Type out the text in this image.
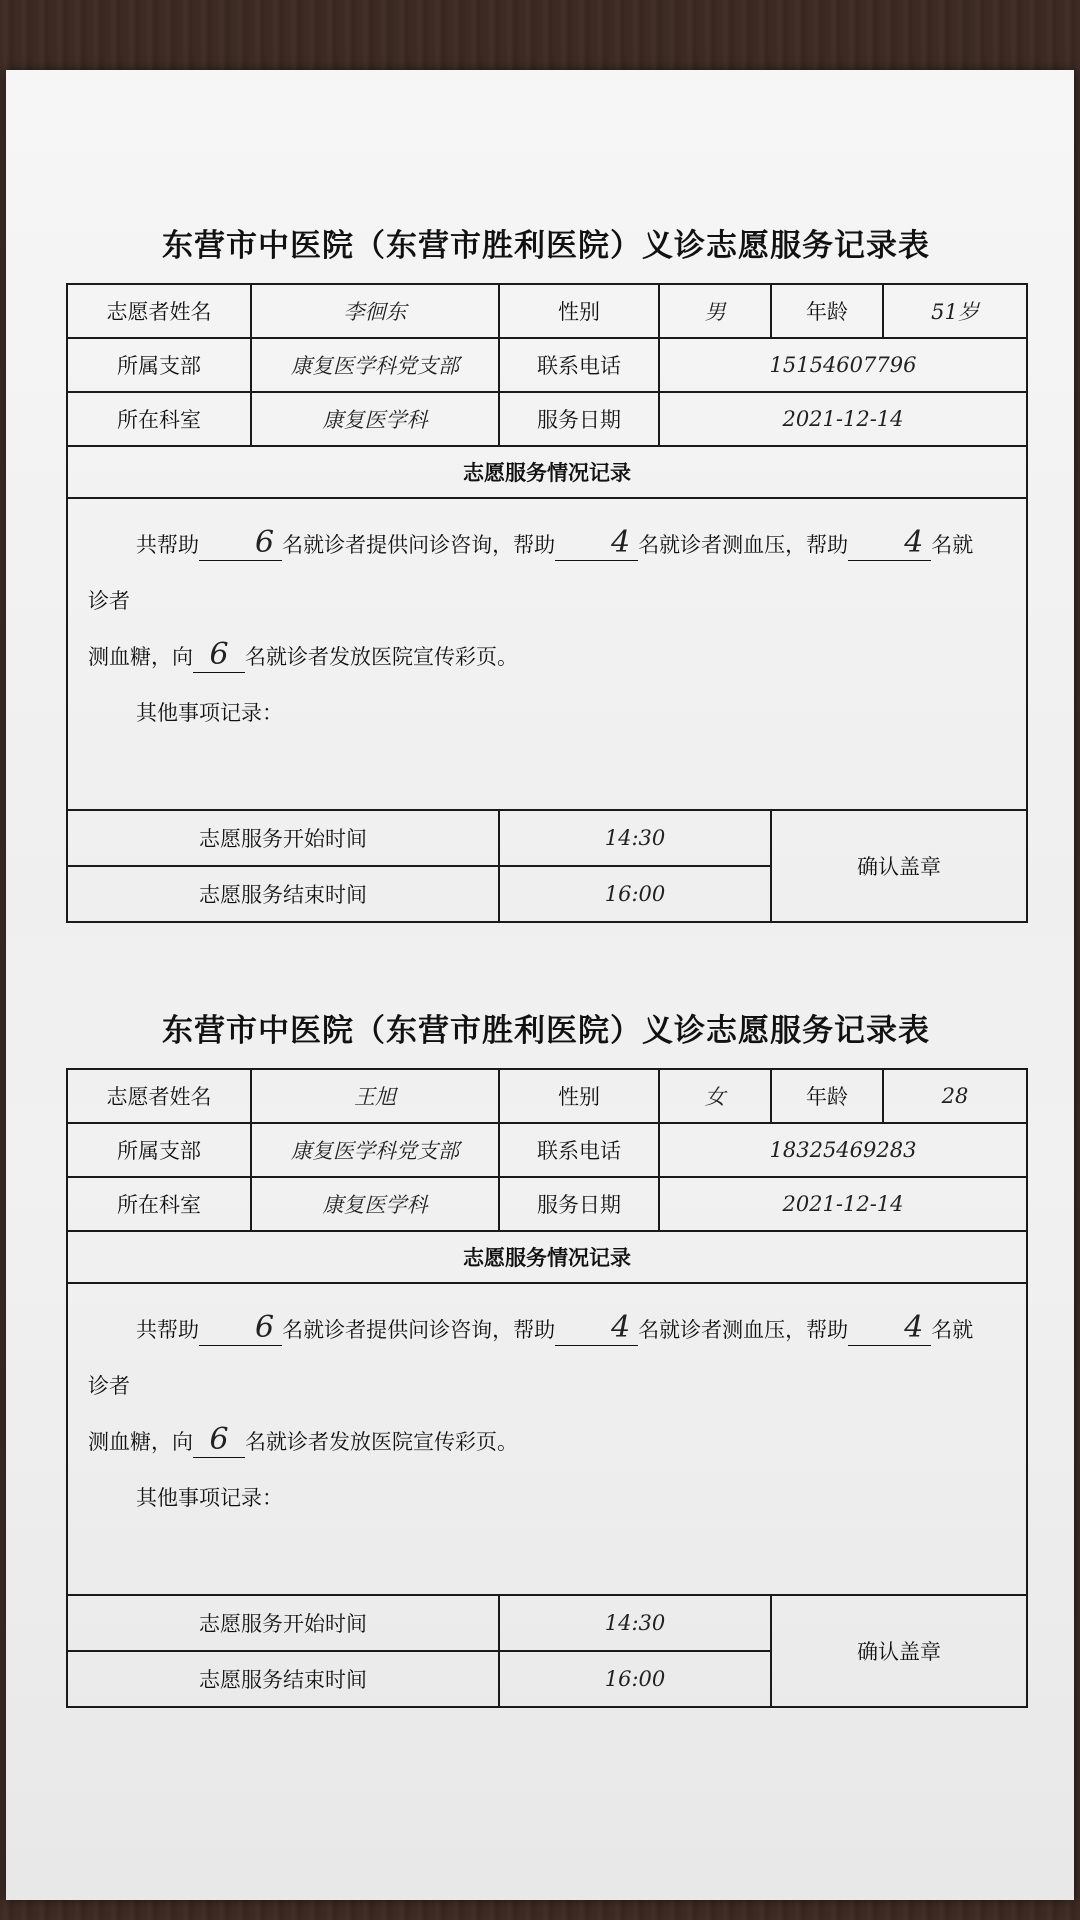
东营市中医院（东营市胜利医院）义诊志愿服务记录表
志愿者姓名	李徊东	性别	男	年龄	51岁
所属支部	康复医学科党支部	联系电话	15154607796		
所在科室	康复医学科	服务日期	2021-12-14		
志愿服务情况记录					

共帮助 6 名就诊者提供问诊咨询，帮助 4 名就诊者测血压，帮助 4 名就诊者
测血糖，向 6 名就诊者发放医院宣传彩页。
其他事项记录：					

志愿服务开始时间		14:30		确认盖章	
志愿服务结束时间		16:00			
东营市中医院（东营市胜利医院）义诊志愿服务记录表
志愿者姓名	王旭	性别	女	年龄	28
所属支部	康复医学科党支部	联系电话	18325469283		
所在科室	康复医学科	服务日期	2021-12-14		
志愿服务情况记录					

共帮助 6 名就诊者提供问诊咨询，帮助 4 名就诊者测血压，帮助 4 名就诊者
测血糖，向 6 名就诊者发放医院宣传彩页。
其他事项记录：					

志愿服务开始时间		14:30		确认盖章	
志愿服务结束时间		16:00			
